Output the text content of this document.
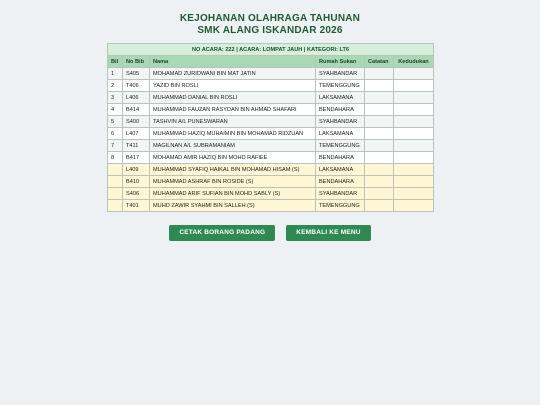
KEJOHANAN OLAHRAGA TAHUNAN
SMK ALANG ISKANDAR 2026
NO ACARA: 222 | ACARA: LOMPAT JAUH | KATEGORI: LT6					
Bil	No Bib	Nama	Rumah Sukan	Catatan	Kedudukan
1	S405	MOHAMAD ZURIDWANI BIN MAT JATIN	SYAHBANDAR		
2	T406	YAZID BIN ROSLI	TEMENGGUNG		
3	L406	MUHAMMAD DANIAL BIN ROSLI	LAKSAMANA		
4	B414	MUHAMMAD FAUZAN RASYDAN BIN AHMAD SHAFARI	BENDAHARA		
5	S400	TASHVIN A/L PUNESWARAN	SYAHBANDAR		
6	L407	MUHAMMAD HAZIQ MUHAIMIN BIN MOHAMAD RIDZUAN	LAKSAMANA		
7	T411	MAGILNAN A/L SUBRAMANIAM	TEMENGGUNG		
8	B417	MOHAMAD AMIR HAZIQ BIN MOHD RAFIEE	BENDAHARA		
	L409	MUHAMMAD SYAFIQ HAIKAL BIN MOHAMAD HISAM (S)	LAKSAMANA		
	B410	MUHAMMAD ASHRAF BIN ROSIDE (S)	BENDAHARA		
	S406	MUHAMMAD ARIF SUFIAN BIN MOHD SABLY (S)	SYAHBANDAR		
	T401	MUHD ZAWIR SYAHMI BIN SALLEH (S)	TEMENGGUNG		
CETAK BORANG PADANG	KEMBALI KE MENU
